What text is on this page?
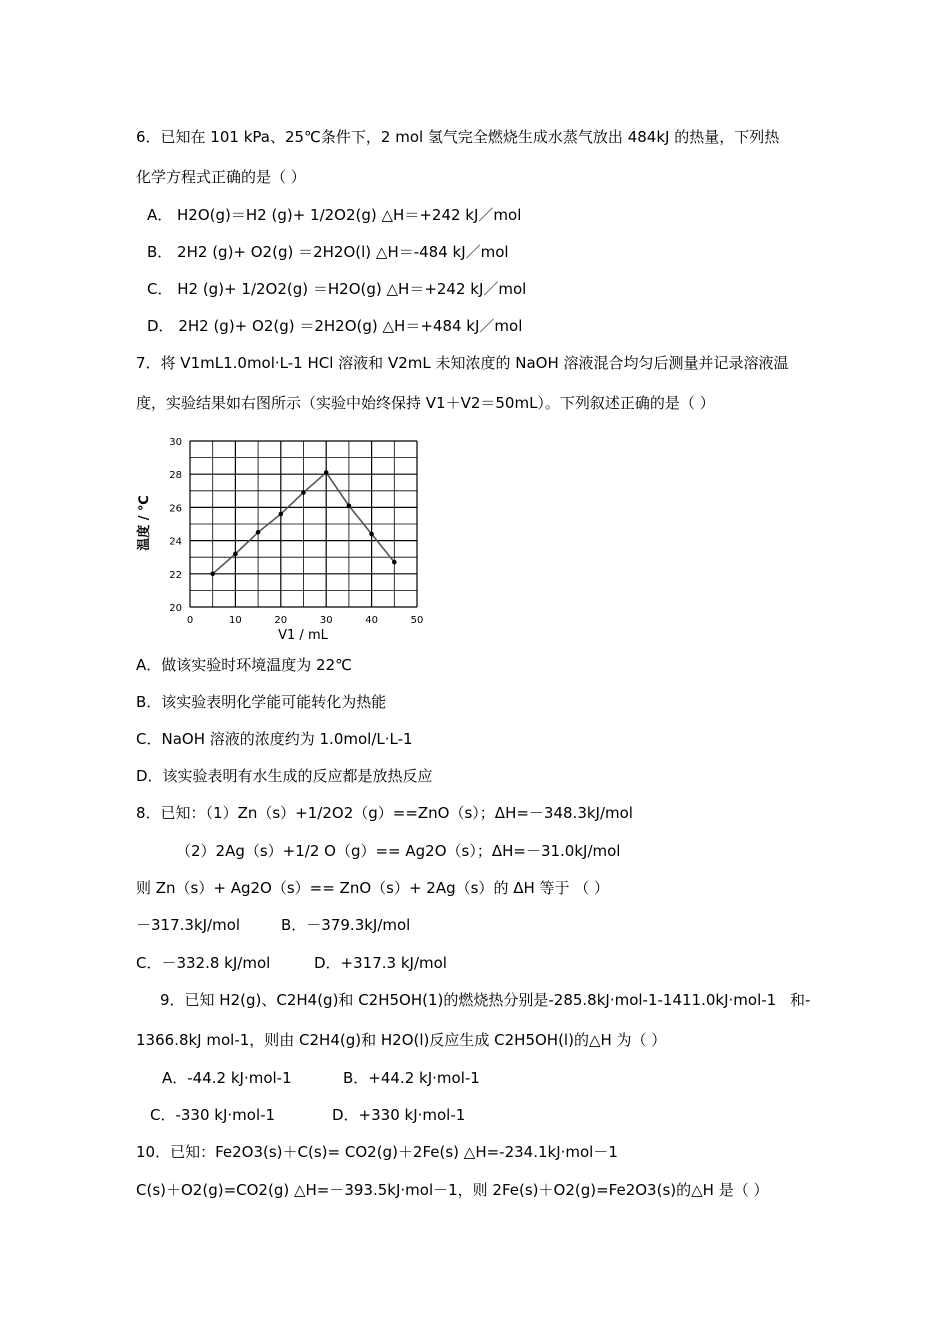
6．已知在 101 kPa、25℃条件下，2 mol 氢气完全燃烧生成水蒸气放出 484kJ 的热量，下列热
化学方程式正确的是（ ）
A． H2O(g)＝H2 (g)+ 1/2O2(g) △H＝+242 kJ／mol
B． 2H2 (g)+ O2(g) ＝2H2O(l) △H＝-484 kJ／mol
C． H2 (g)+ 1/2O2(g) ＝H2O(g) △H＝+242 kJ／mol
D． 2H2 (g)+ O2(g) ＝2H2O(g) △H＝+484 kJ／mol
7．将 V1mL1.0mol·L-1 HCl 溶液和 V2mL 未知浓度的 NaOH 溶液混合均匀后测量并记录溶液温
度，实验结果如右图所示（实验中始终保持 V1＋V2＝50mL）。下列叙述正确的是（ ）
0	10	20	30	40	50
20
22
24
26
28
30
V1 / mL
温度 / ℃
A．做该实验时环境温度为 22℃
B．该实验表明化学能可能转化为热能
C．NaOH 溶液的浓度约为 1.0mol/L·L-1
D．该实验表明有水生成的反应都是放热反应
8．已知：（1）Zn（s）+1/2O2（g）==ZnO（s）；ΔH=－348.3kJ/mol
（2）2Ag（s）+1/2 O（g）== Ag2O（s）；ΔH=－31.0kJ/mol
则 Zn（s）+ Ag2O（s）== ZnO（s）+ 2Ag（s）的 ΔH 等于 （ ）
－317.3kJ/mol	B．－379.3kJ/mol
C．－332.8 kJ/mol	D．+317.3 kJ/mol
9．已知 H2(g)、C2H4(g)和 C2H5OH(1)的燃烧热分别是-285.8kJ·mol-1-1411.0kJ·mol-1 和-
1366.8kJ mol-1，则由 C2H4(g)和 H2O(l)反应生成 C2H5OH(l)的△H 为（ ）
A．-44.2 kJ·mol-1	B．+44.2 kJ·mol-1
C．-330 kJ·mol-1	D．+330 kJ·mol-1
10．已知：Fe2O3(s)＋C(s)= CO2(g)＋2Fe(s) △H=-234.1kJ·mol－1
C(s)＋O2(g)=CO2(g) △H=－393.5kJ·mol－1，则 2Fe(s)＋O2(g)=Fe2O3(s)的△H 是（ ）
